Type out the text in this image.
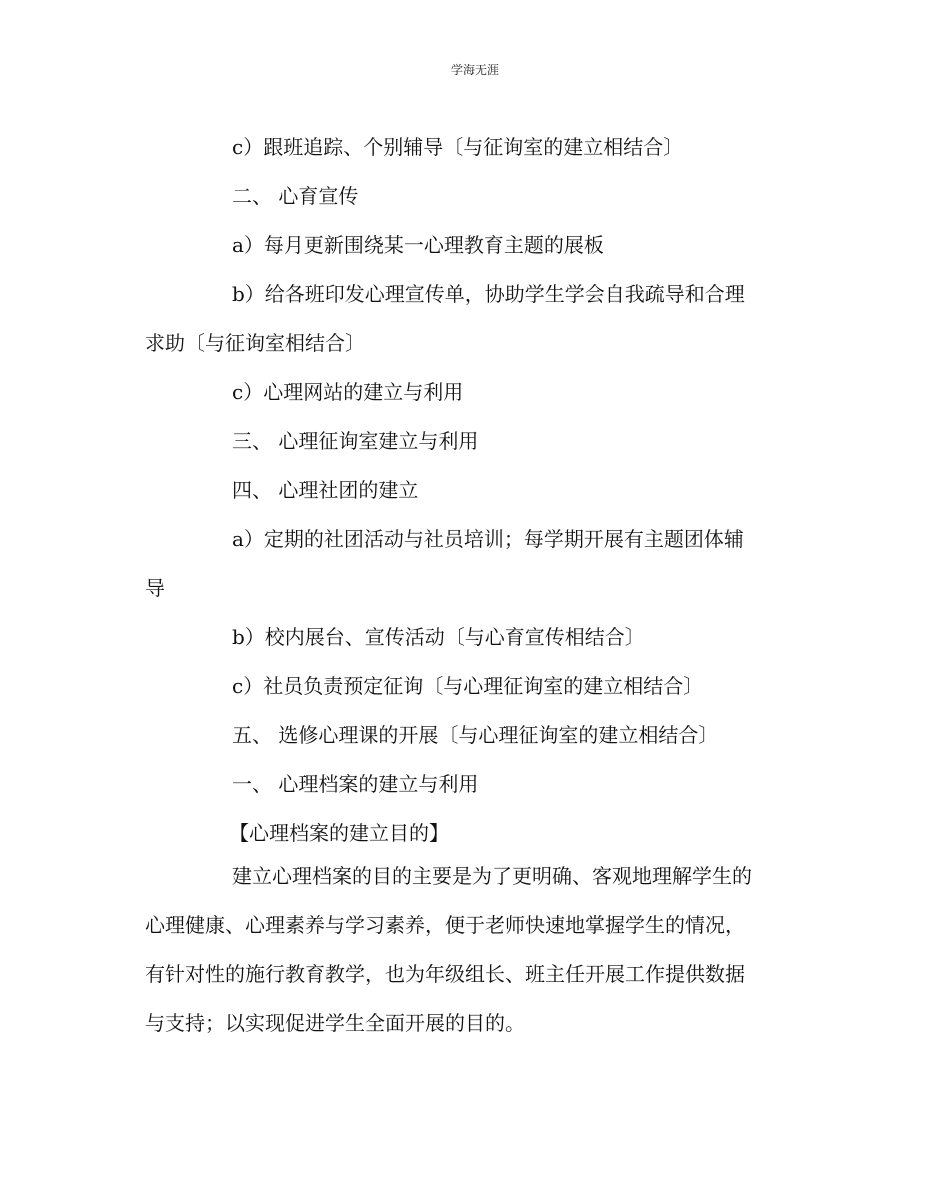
学海无涯

c）跟班追踪、个别辅导〔与征询室的建立相结合〕

二、 心育宣传

a）每月更新围绕某一心理教育主题的展板

b）给各班印发心理宣传单，协助学生学会自我疏导和合理

求助〔与征询室相结合〕

c）心理网站的建立与利用

三、 心理征询室建立与利用

四、 心理社团的建立

a）定期的社团活动与社员培训；每学期开展有主题团体辅

导

b）校内展台、宣传活动〔与心育宣传相结合〕

c）社员负责预定征询〔与心理征询室的建立相结合〕

五、 选修心理课的开展〔与心理征询室的建立相结合〕

一、 心理档案的建立与利用

【心理档案的建立目的】

建立心理档案的目的主要是为了更明确、客观地理解学生的

心理健康、心理素养与学习素养，便于老师快速地掌握学生的情况，

有针对性的施行教育教学，也为年级组长、班主任开展工作提供数据

与支持；以实现促进学生全面开展的目的。
